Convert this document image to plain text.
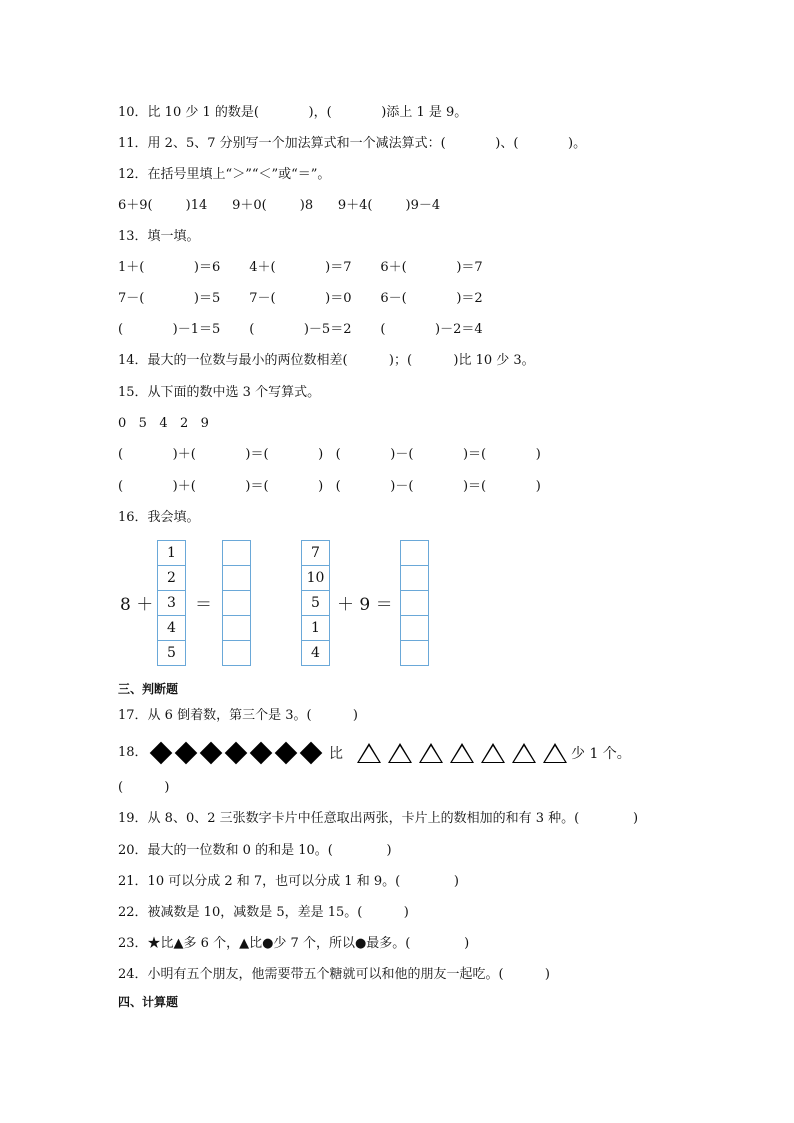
10．比 10 少 1 的数是(            )，(            )添上 1 是 9。
11．用 2、5、7 分别写一个加法算式和一个减法算式：(            )、(            )。
12．在括号里填上“＞”“＜”或“＝”。
6＋9(        )14      9＋0(        )8      9＋4(        )9－4
13．填一填。
1＋(            )＝6       4＋(            )＝7       6＋(            )＝7
7－(            )＝5       7－(            )＝0       6－(            )＝2
(            )－1＝5       (            )－5＝2       (            )－2＝4
14．最大的一位数与最小的两位数相差(          )；(          )比 10 少 3。
15．从下面的数中选 3 个写算式。
0   5   4   2   9
(            )＋(            )＝(            )   (            )－(            )＝(            )
(            )＋(            )＝(            )   (            )－(            )＝(            )
16．我会填。
8 ＋
1
2
3
4
5
＝
7
10
5
1
4
＋ 9 ＝
三、判断题
17．从 6 倒着数，第三个是 3。(          )
18．	比	少 1 个。
(          )
19．从 8、0、2 三张数字卡片中任意取出两张，卡片上的数相加的和有 3 种。(             )
20．最大的一位数和 0 的和是 10。(             )
21．10 可以分成 2 和 7，也可以分成 1 和 9。(             )
22．被减数是 10，减数是 5，差是 15。(          )
23．★比▲多 6 个，▲比●少 7 个，所以●最多。(             )
24．小明有五个朋友，他需要带五个糖就可以和他的朋友一起吃。(          )
四、计算题
